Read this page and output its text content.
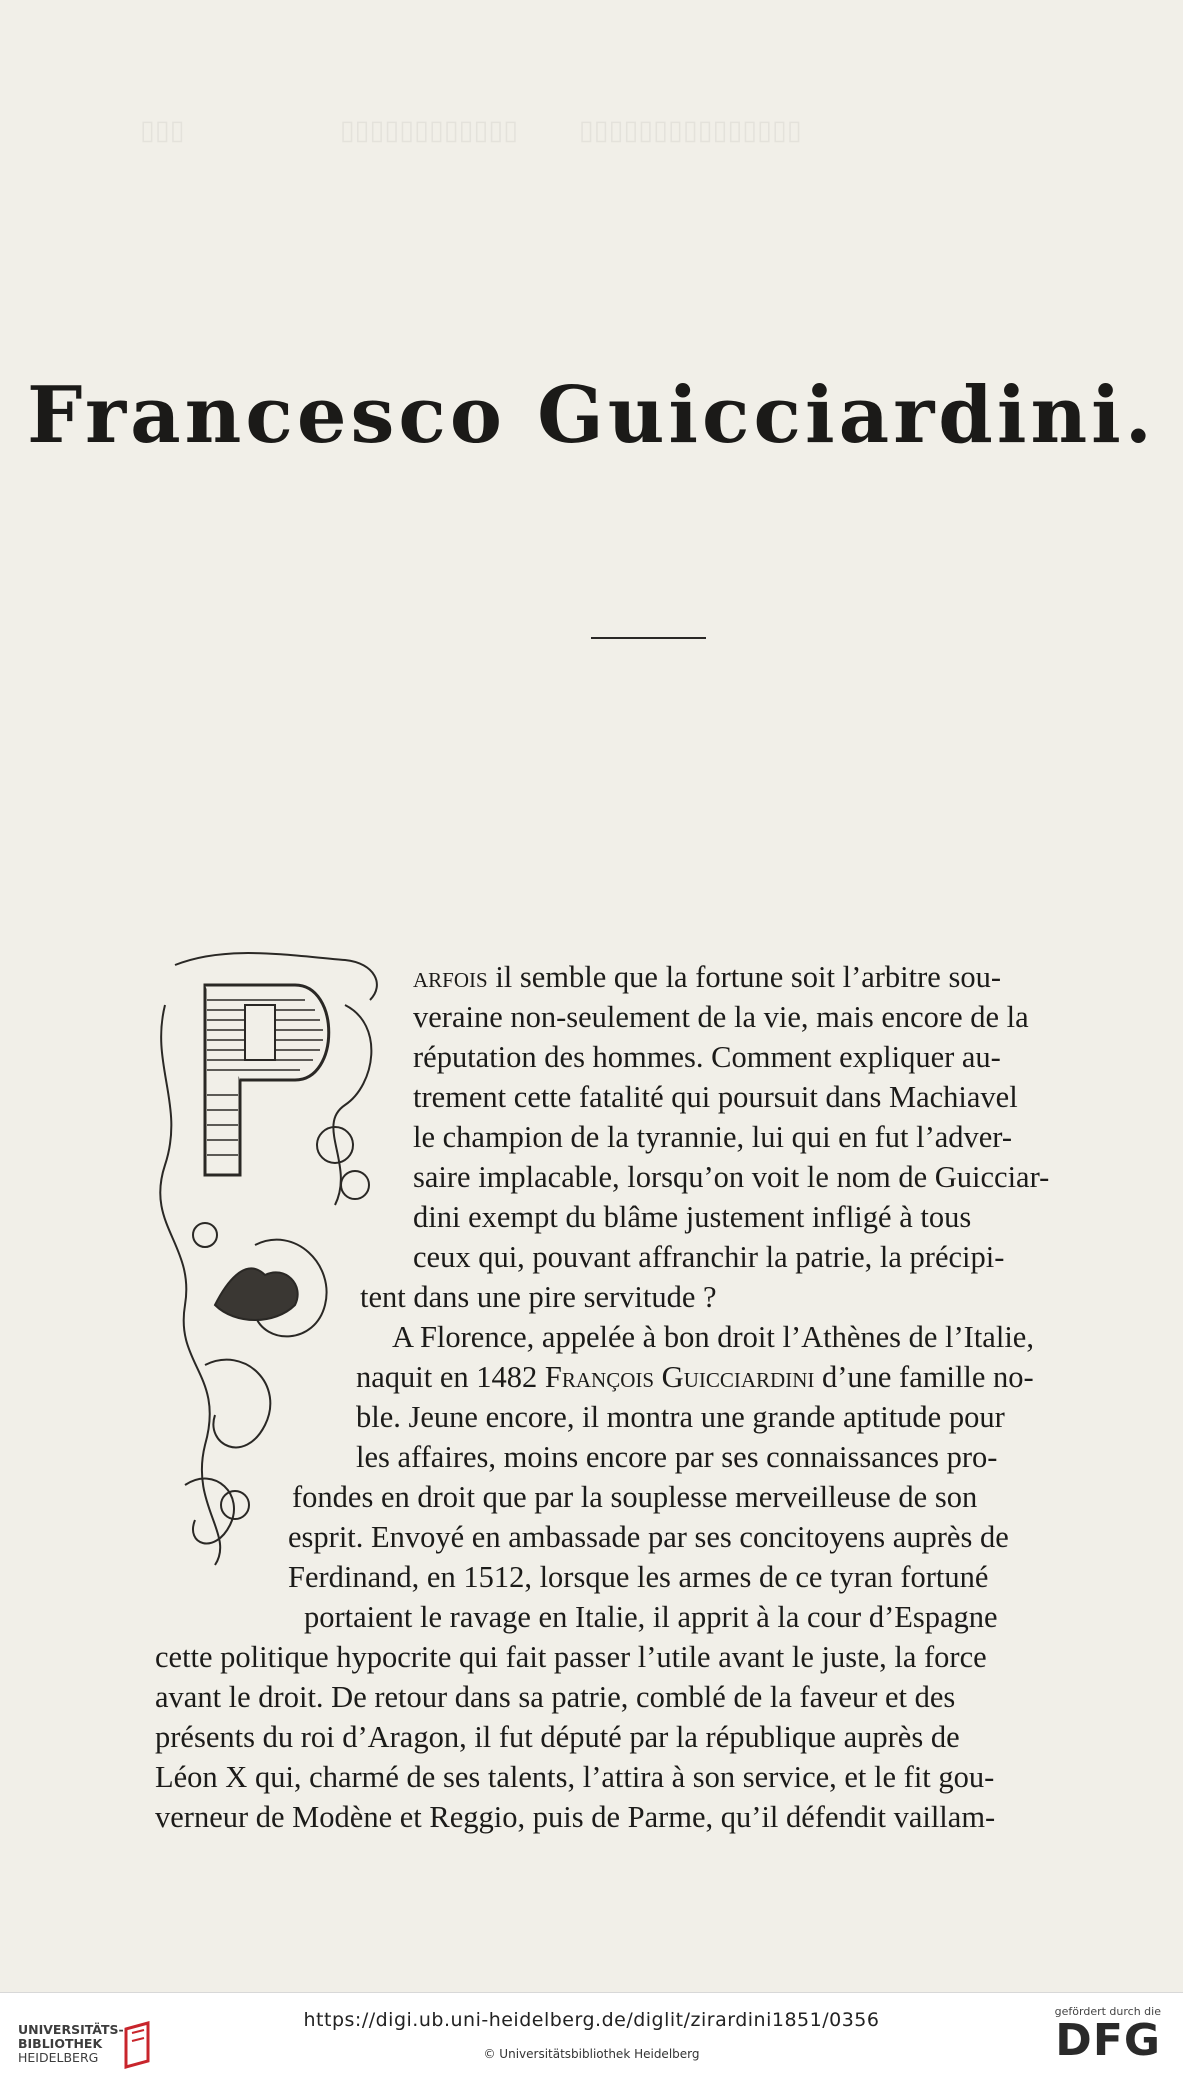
▯▯▯                       ▯▯▯▯▯▯▯▯▯▯▯▯         ▯▯▯▯▯▯▯▯▯▯▯▯▯▯▯
Francesco Guicciardini.
arfois il semble que la fortune soit l’arbitre sou-
veraine non-seulement de la vie, mais encore de la
réputation des hommes. Comment expliquer au-
trement cette fatalité qui poursuit dans Machiavel
le champion de la tyrannie, lui qui en fut l’adver-
saire implacable, lorsqu’on voit le nom de Guicciar-
dini exempt du blâme justement infligé à tous
ceux qui, pouvant affranchir la patrie, la précipi-
tent dans une pire servitude ?
A Florence, appelée à bon droit l’Athènes de l’Italie,
naquit en 1482 François Guicciardini d’une famille no-
ble. Jeune encore, il montra une grande aptitude pour
les affaires, moins encore par ses connaissances pro-
fondes en droit que par la souplesse merveilleuse de son
esprit. Envoyé en ambassade par ses concitoyens auprès de
Ferdinand, en 1512, lorsque les armes de ce tyran fortuné
portaient le ravage en Italie, il apprit à la cour d’Espagne
cette politique hypocrite qui fait passer l’utile avant le juste, la force
avant le droit. De retour dans sa patrie, comblé de la faveur et des
présents du roi d’Aragon, il fut député par la république auprès de
Léon X qui, charmé de ses talents, l’attira à son service, et le fit gou-
verneur de Modène et Reggio, puis de Parme, qu’il défendit vaillam-
UNIVERSITÄTS-
BIBLIOTHEK
HEIDELBERG
https://digi.ub.uni-heidelberg.de/diglit/zirardini1851/0356
© Universitätsbibliothek Heidelberg
gefördert durch die
DFG
